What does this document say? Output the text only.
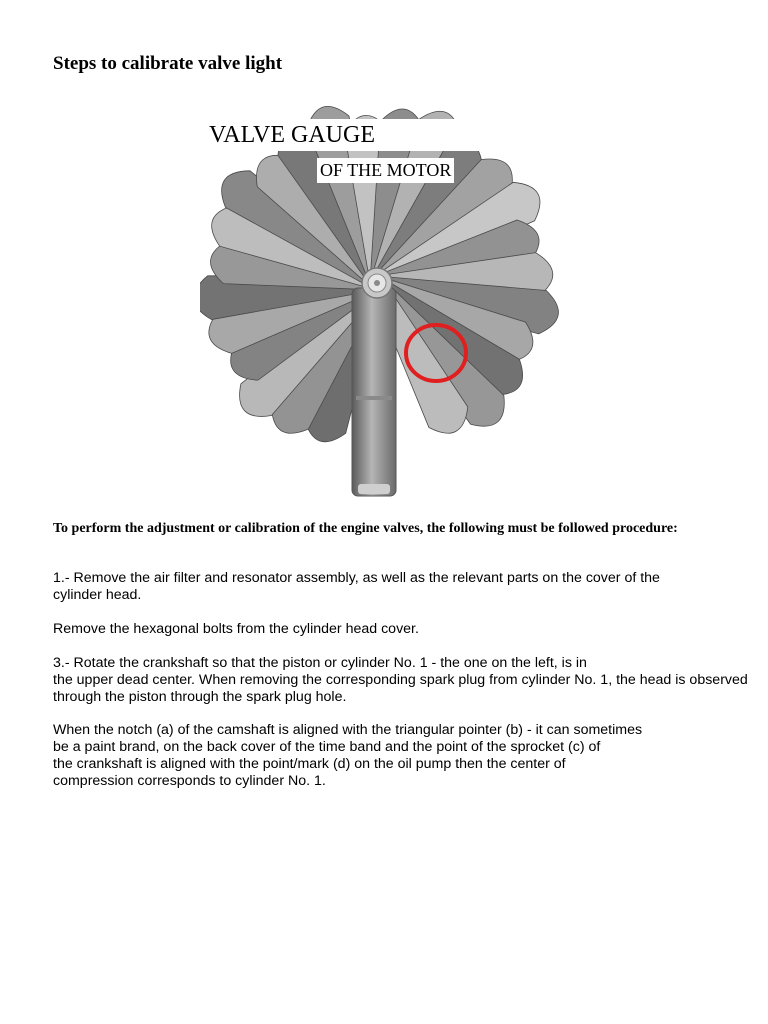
Steps to calibrate valve light
VALVE GAUGE
OF THE MOTOR

To perform the adjustment or calibration of the engine valves, the following must be followed procedure:

1.- Remove the air filter and resonator assembly, as well as the relevant parts on the cover of the
cylinder head.

Remove the hexagonal bolts from the cylinder head cover.

3.- Rotate the crankshaft so that the piston or cylinder No. 1 - the one on the left, is in
the upper dead center. When removing the corresponding spark plug from cylinder No. 1, the head is observed
through the piston through the spark plug hole.

When the notch (a) of the camshaft is aligned with the triangular pointer (b) - it can sometimes
be a paint brand, on the back cover of the time band and the point of the sprocket (c) of
the crankshaft is aligned with the point/mark (d) on the oil pump then the center of
compression corresponds to cylinder No. 1.
